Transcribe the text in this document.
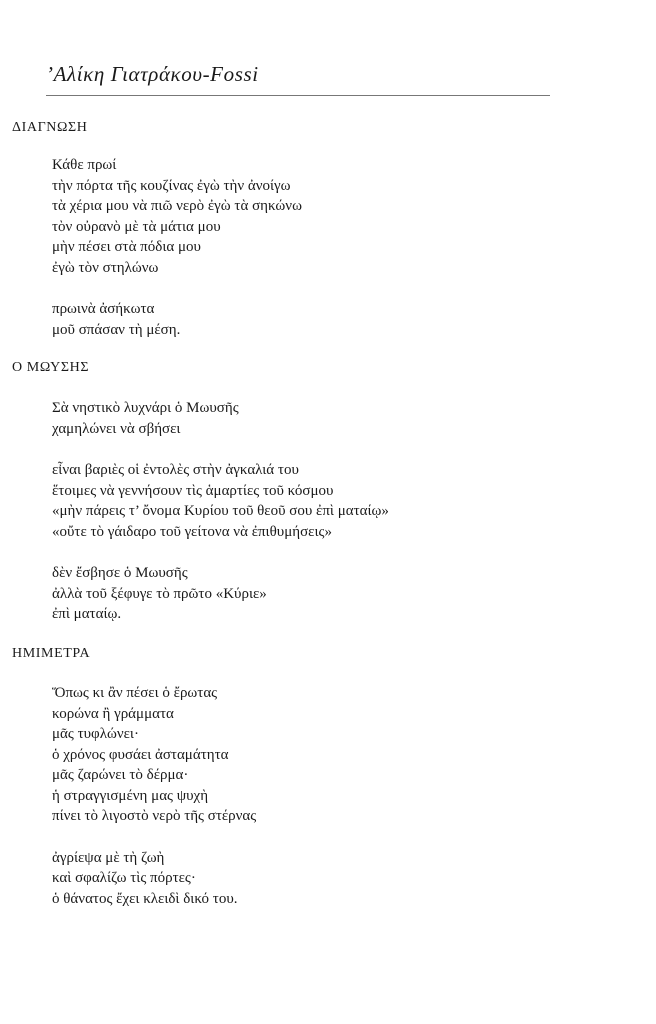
’Αλίκη Γιατράκου-Fossi
ΔΙΑΓΝΩΣΗ
Κάθε πρωί
τὴν πόρτα τῆς κουζίνας ἐγὼ τὴν ἀνοίγω
τὰ χέρια μου νὰ πιῶ νερὸ ἐγὼ τὰ σηκώνω
τὸν οὐρανὸ μὲ τὰ μάτια μου
μὴν πέσει στὰ πόδια μου
ἐγὼ τὸν στηλώνω
πρωινὰ ἀσήκωτα
μοῦ σπάσαν τὴ μέση.
Ο ΜΩΥΣΗΣ
Σὰ νηστικὸ λυχνάρι ὁ Μωυσῆς
χαμηλώνει νὰ σβήσει
εἶναι βαριὲς οἱ ἐντολὲς στὴν ἀγκαλιά του
ἕτοιμες νὰ γεννήσουν τὶς ἁμαρτίες τοῦ κόσμου
«μὴν πάρεις τ’ ὄνομα Κυρίου τοῦ θεοῦ σου ἐπὶ ματαίῳ»
«οὔτε τὸ γάιδαρο τοῦ γείτονα νὰ ἐπιθυμήσεις»
δὲν ἔσβησε ὁ Μωυσῆς
ἀλλὰ τοῦ ξέφυγε τὸ πρῶτο «Κύριε»
ἐπὶ ματαίῳ.
ΗΜΙΜΕΤΡΑ
Ὅπως κι ἂν πέσει ὁ ἔρωτας
κορώνα ἢ γράμματα
μᾶς τυφλώνει·
ὁ χρόνος φυσάει ἀσταμάτητα
μᾶς ζαρώνει τὸ δέρμα·
ἡ στραγγισμένη μας ψυχὴ
πίνει τὸ λιγοστὸ νερὸ τῆς στέρνας
ἀγρίεψα μὲ τὴ ζωὴ
καὶ σφαλίζω τὶς πόρτες·
ὁ θάνατος ἔχει κλειδὶ δικό του.
